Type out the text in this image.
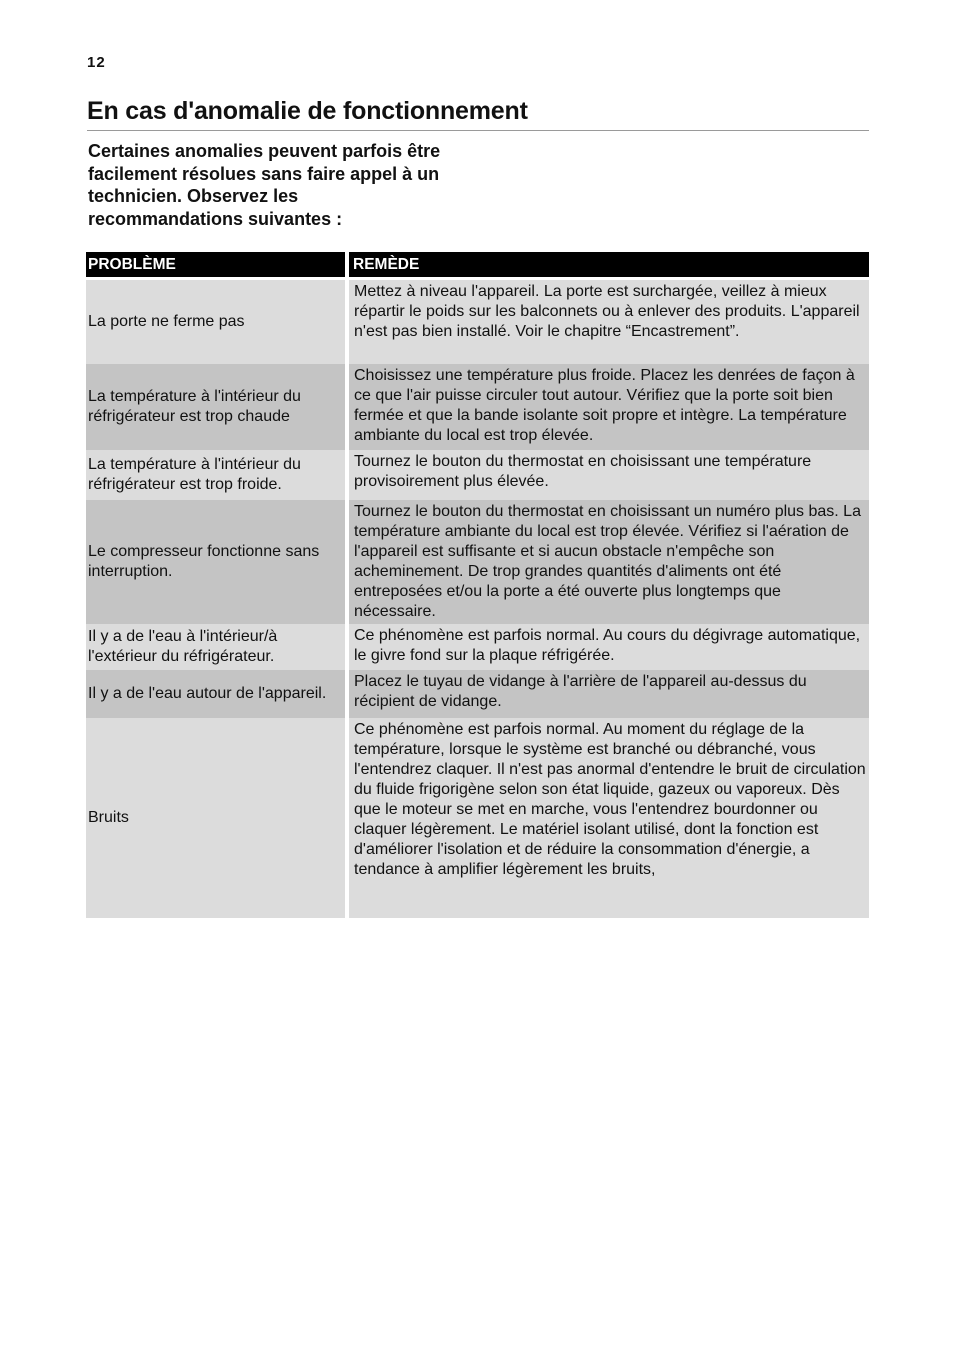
12
En cas d'anomalie de fonctionnement

Certaines anomalies peuvent parfois être facilement résolues sans faire appel à un technicien. Observez les recommandations suivantes :

PROBLÈME	REMÈDE
La porte ne ferme pas	Mettez à niveau l'appareil. La porte est surchargée, veillez à mieux répartir le poids sur les balconnets ou à enlever des produits. L'appareil n'est pas bien installé. Voir le chapitre “Encastrement”.
La température à l'intérieur du réfrigérateur est trop chaude	Choisissez une température plus froide. Placez les denrées de façon à ce que l'air puisse circuler tout autour. Vérifiez que la porte soit bien fermée et que la bande isolante soit propre et intègre. La température ambiante du local est trop élevée.
La température à l'intérieur du réfrigérateur est trop froide.	Tournez le bouton du thermostat en choisissant une température provisoirement plus élevée.
Le compresseur fonctionne sans interruption.	Tournez le bouton du thermostat en choisissant un numéro plus bas. La température ambiante du local est trop élevée. Vérifiez si l'aération de l'appareil est suffisante et si aucun obstacle n'empêche son acheminement. De trop grandes quantités d'aliments ont été entreposées et/ou la porte a été ouverte plus longtemps que nécessaire.
Il y a de l'eau à l'intérieur/à l'extérieur du réfrigérateur.	Ce phénomène est parfois normal. Au cours du dégivrage automatique, le givre fond sur la plaque réfrigérée.
Il y a de l'eau autour de l'appareil.	Placez le tuyau de vidange à l'arrière de l'appareil au-dessus du récipient de vidange.
Bruits	Ce phénomène est parfois normal. Au moment du réglage de la température, lorsque le système est branché ou débranché, vous l'entendrez claquer. Il n'est pas anormal d'entendre le bruit de circulation du fluide frigorigène selon son état liquide, gazeux ou vaporeux. Dès que le moteur se met en marche, vous l'entendrez bourdonner ou claquer légèrement. Le matériel isolant utilisé, dont la fonction est d'améliorer l'isolation et de réduire la consommation d'énergie, a tendance à amplifier légèrement les bruits,
